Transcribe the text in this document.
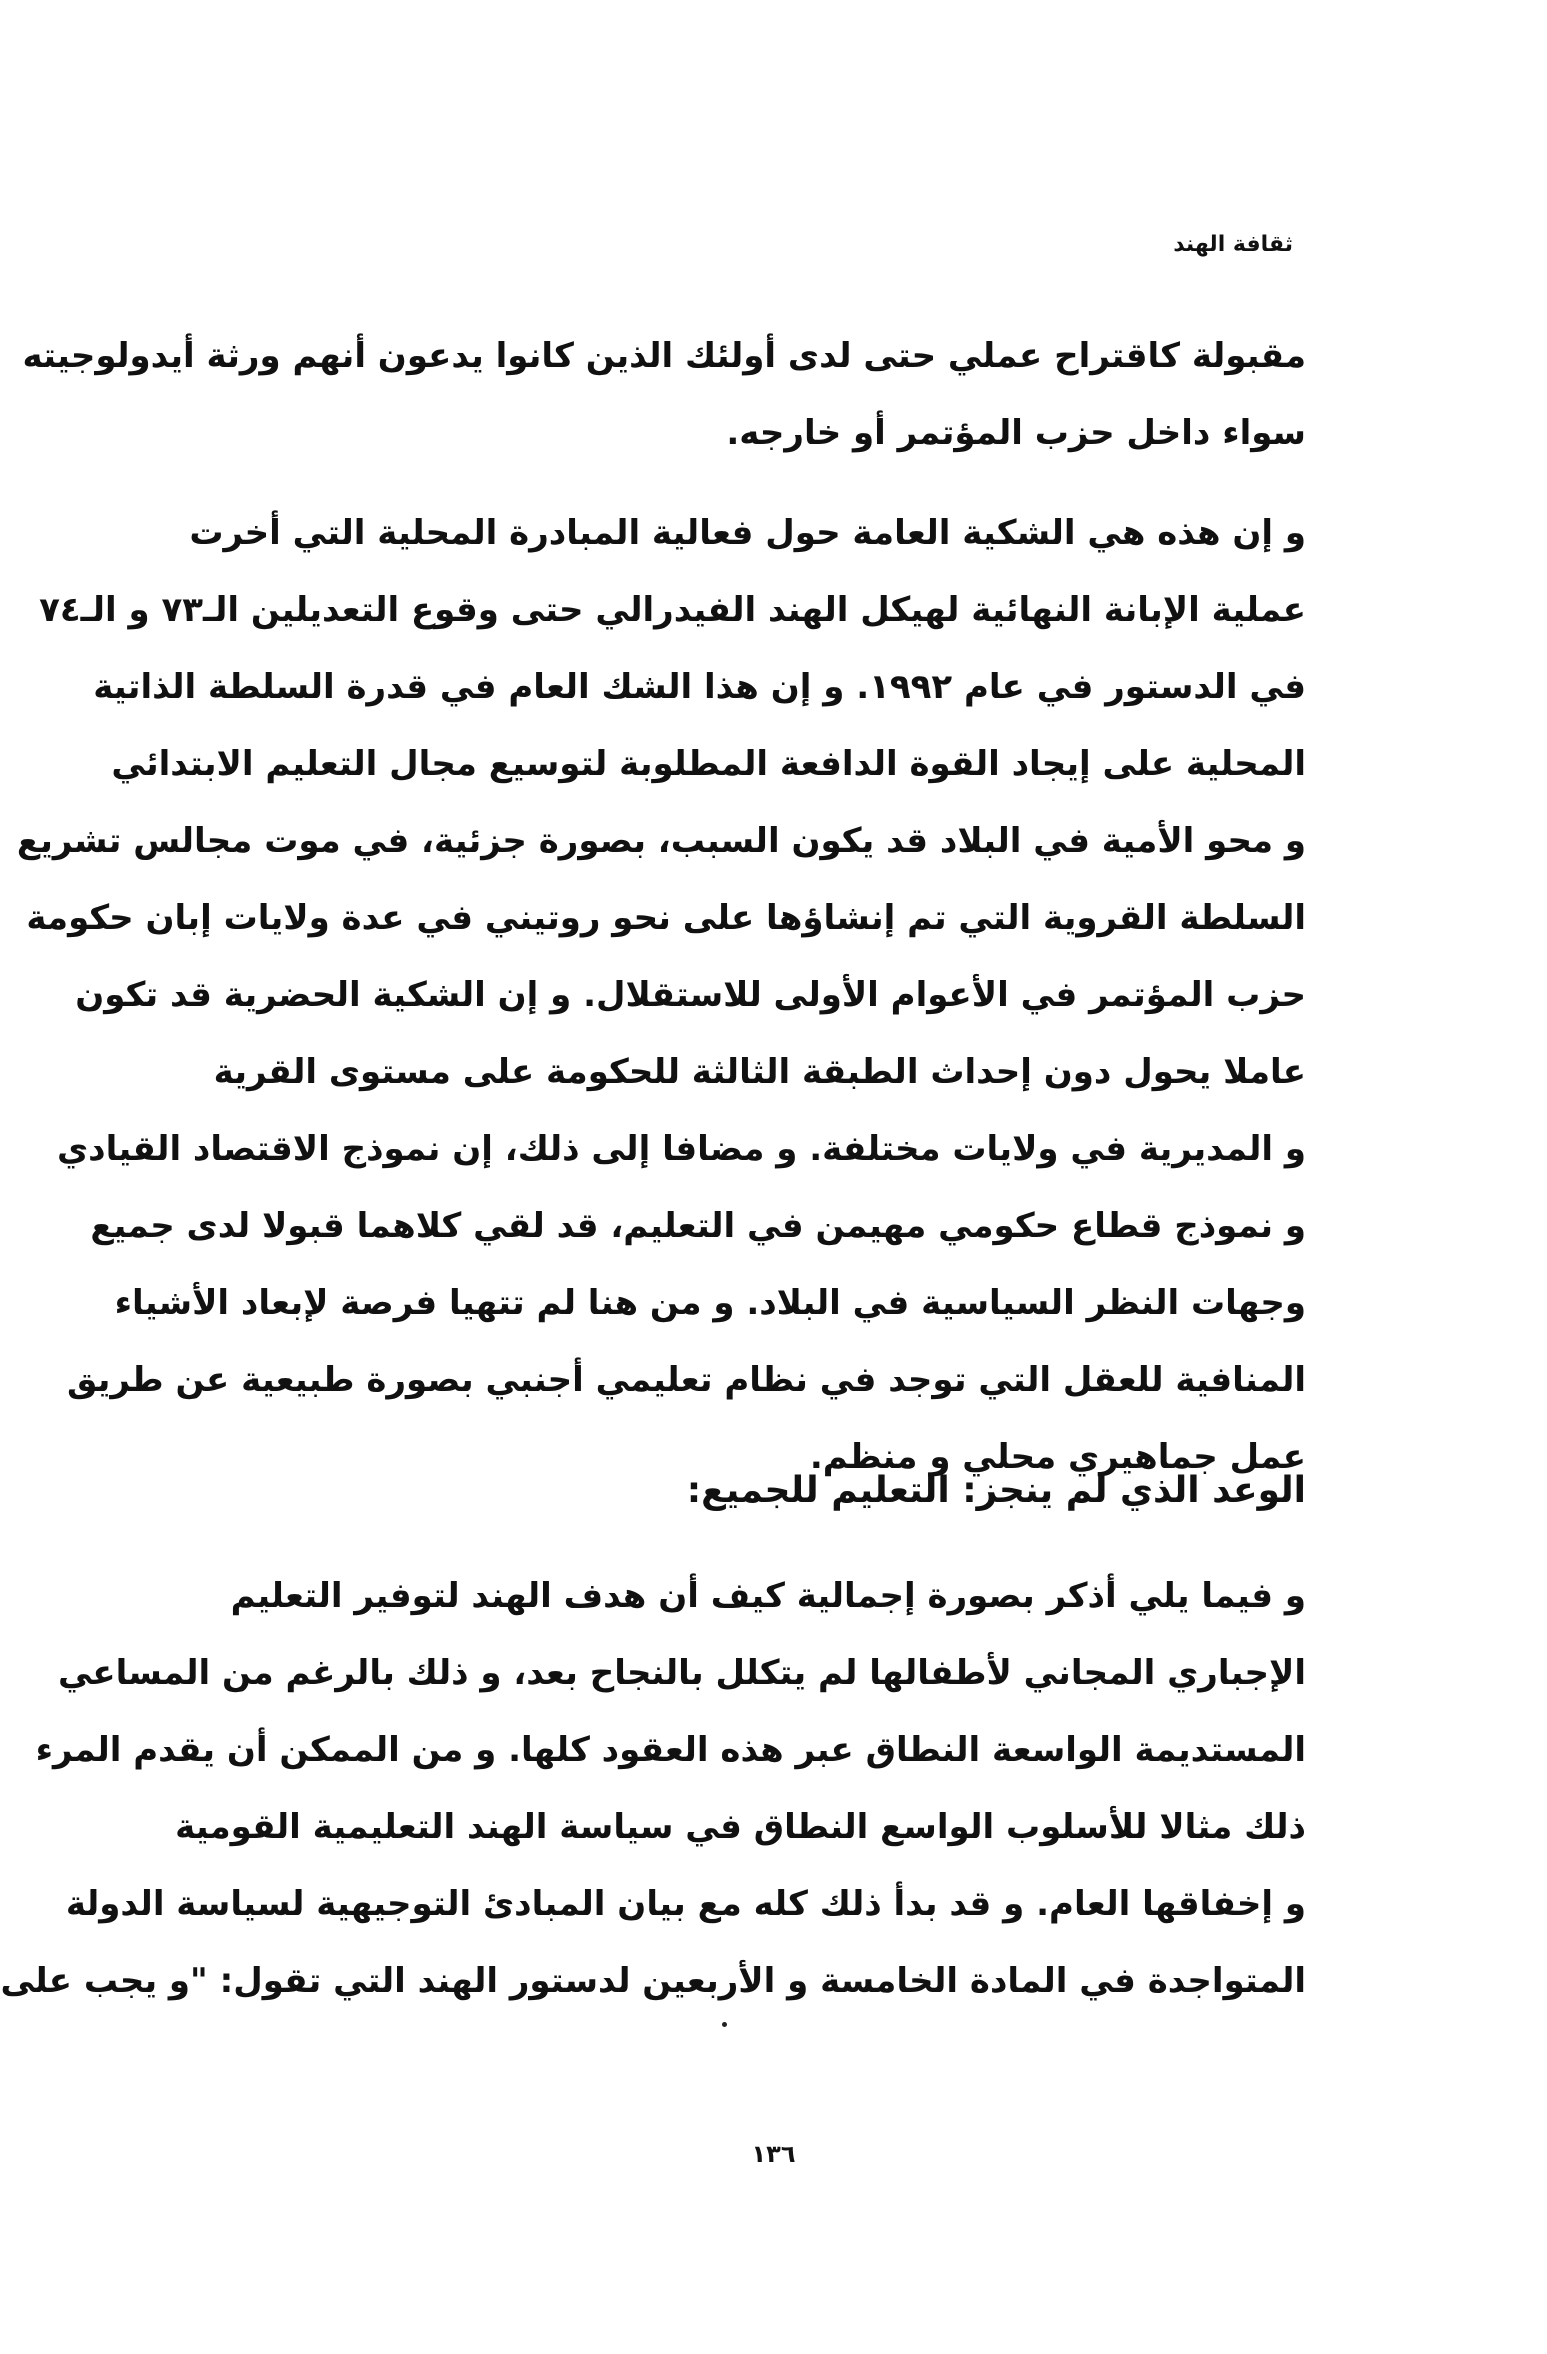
ثقافة الهند

مقبولة كاقتراح عملي حتى لدى أولئك الذين كانوا يدعون أنهم ورثة أيدولوجيته
سواء داخل حزب المؤتمر أو خارجه.
و إن هذه هي الشكية العامة حول فعالية المبادرة المحلية التي أخرت
عملية الإبانة النهائية لهيكل الهند الفيدرالي حتى وقوع التعديلين الـ٧٣ و الـ٧٤
في الدستور في عام ١٩٩٢. و إن هذا الشك العام في قدرة السلطة الذاتية
المحلية على إيجاد القوة الدافعة المطلوبة لتوسيع مجال التعليم الابتدائي
و محو الأمية في البلاد قد يكون السبب، بصورة جزئية، في موت مجالس تشريع
السلطة القروية التي تم إنشاؤها على نحو روتيني في عدة ولايات إبان حكومة
حزب المؤتمر في الأعوام الأولى للاستقلال. و إن الشكية الحضرية قد تكون
عاملا يحول دون إحداث الطبقة الثالثة للحكومة على مستوى القرية
و المديرية في ولايات مختلفة. و مضافا إلى ذلك، إن نموذج الاقتصاد القيادي
و نموذج قطاع حكومي مهيمن في التعليم، قد لقي كلاهما قبولا لدى جميع
وجهات النظر السياسية في البلاد. و من هنا لم تتهيا فرصة لإبعاد الأشياء
المنافية للعقل التي توجد في نظام تعليمي أجنبي بصورة طبيعية عن طريق
عمل جماهيري محلي و منظم.
الوعد الذي لم ينجز: التعليم للجميع:
و فيما يلي أذكر بصورة إجمالية كيف أن هدف الهند لتوفير التعليم
الإجباري المجاني لأطفالها لم يتكلل بالنجاح بعد، و ذلك بالرغم من المساعي
المستديمة الواسعة النطاق عبر هذه العقود كلها. و من الممكن أن يقدم المرء
ذلك مثالا للأسلوب الواسع النطاق في سياسة الهند التعليمية القومية
و إخفاقها العام. و قد بدأ ذلك كله مع بيان المبادئ التوجيهية لسياسة الدولة
المتواجدة في المادة الخامسة و الأربعين لدستور الهند التي تقول: "و يجب على

١٣٦
